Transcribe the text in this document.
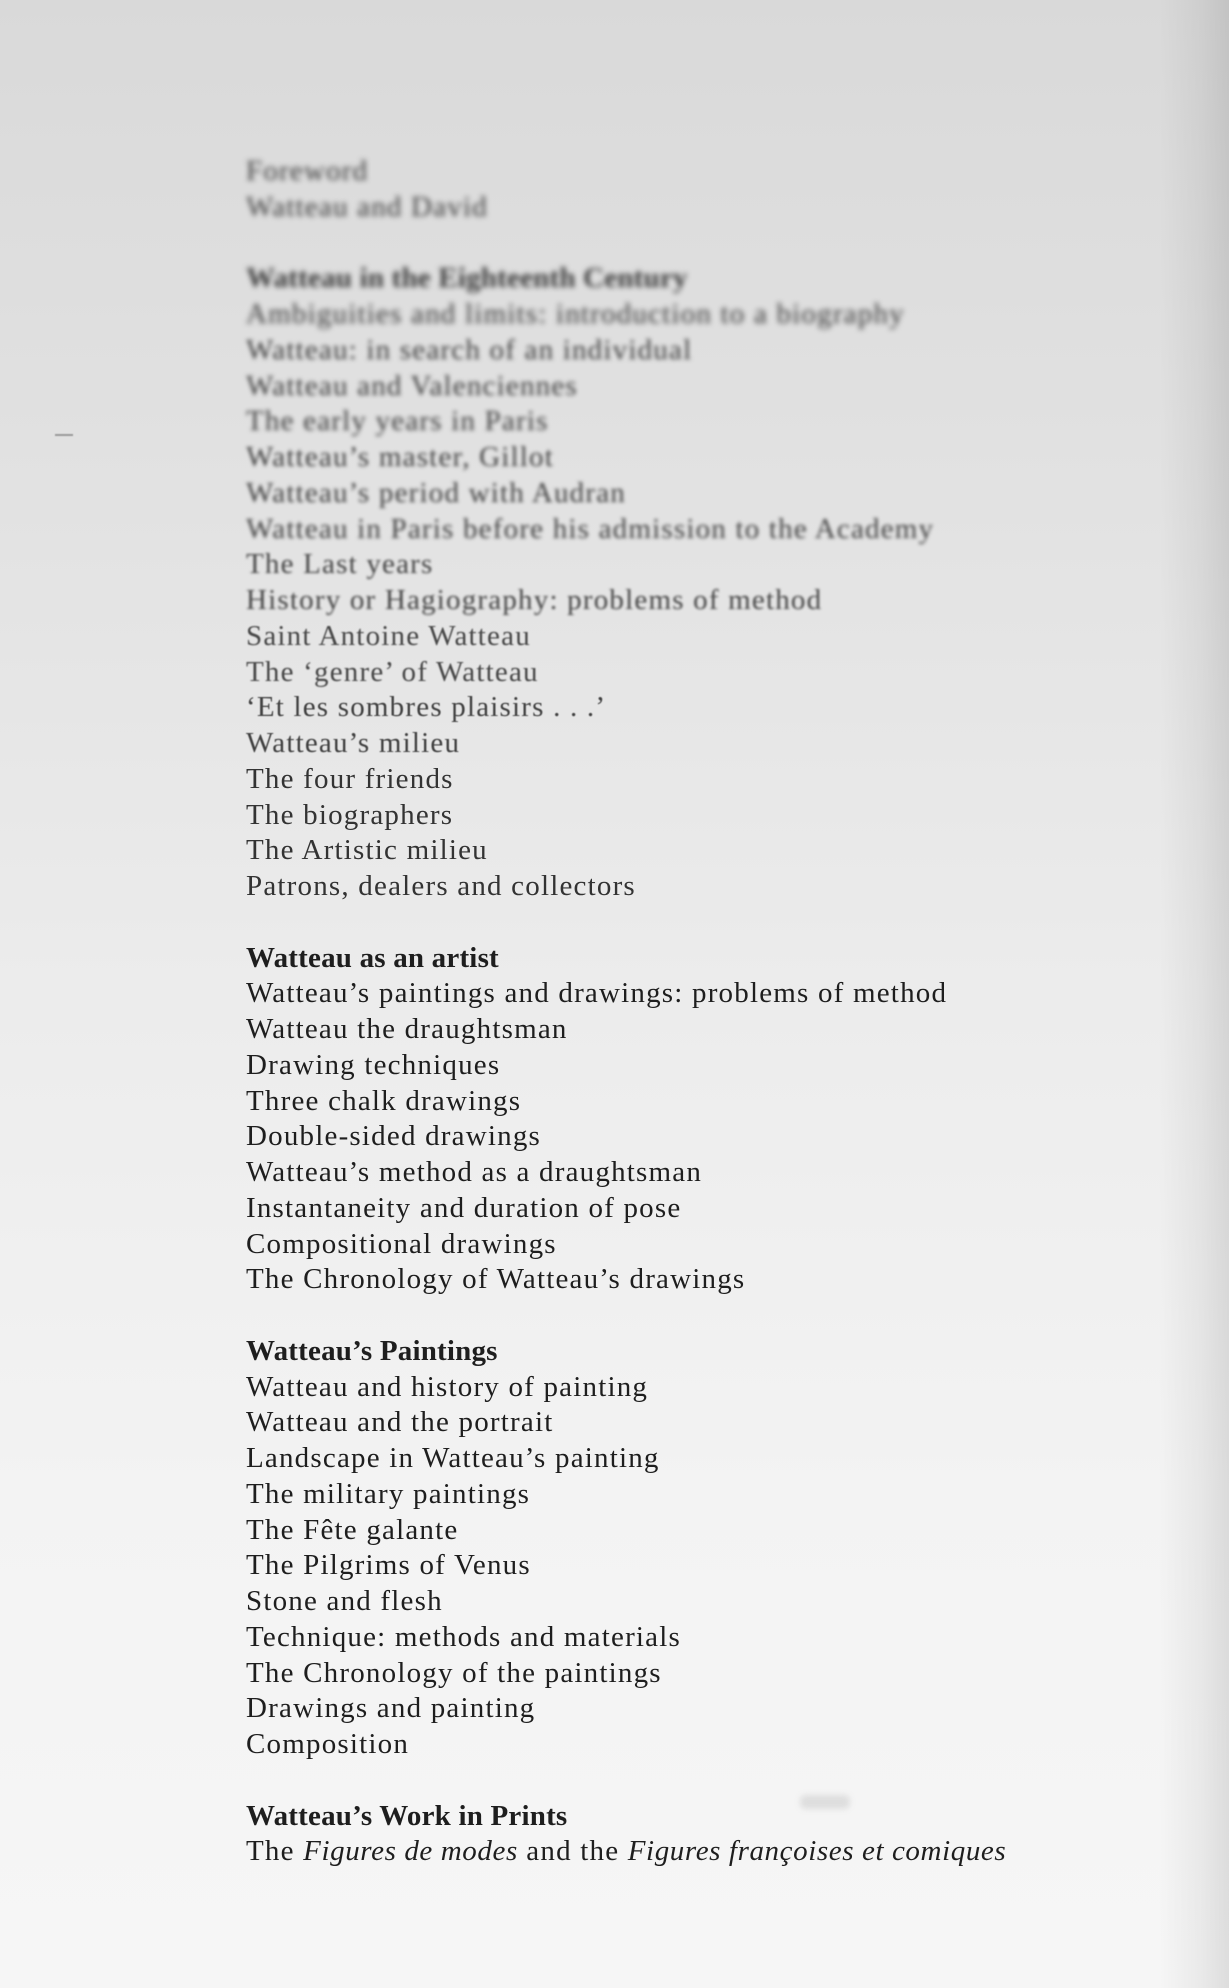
Foreword
Watteau and David
Watteau in the Eighteenth Century
Ambiguities and limits: introduction to a biography
Watteau: in search of an individual
Watteau and Valenciennes
The early years in Paris
Watteau’s master, Gillot
Watteau’s period with Audran
Watteau in Paris before his admission to the Academy
The Last years
History or Hagiography: problems of method
Saint Antoine Watteau
The ‘genre’ of Watteau
‘Et les sombres plaisirs . . .’
Watteau’s milieu
The four friends
The biographers
The Artistic milieu
Patrons, dealers and collectors
Watteau as an artist
Watteau’s paintings and drawings: problems of method
Watteau the draughtsman
Drawing techniques
Three chalk drawings
Double-sided drawings
Watteau’s method as a draughtsman
Instantaneity and duration of pose
Compositional drawings
The Chronology of Watteau’s drawings
Watteau’s Paintings
Watteau and history of painting
Watteau and the portrait
Landscape in Watteau’s painting
The military paintings
The Fête galante
The Pilgrims of Venus
Stone and flesh
Technique: methods and materials
The Chronology of the paintings
Drawings and painting
Composition
Watteau’s Work in Prints
The Figures de modes and the Figures françoises et comiques
